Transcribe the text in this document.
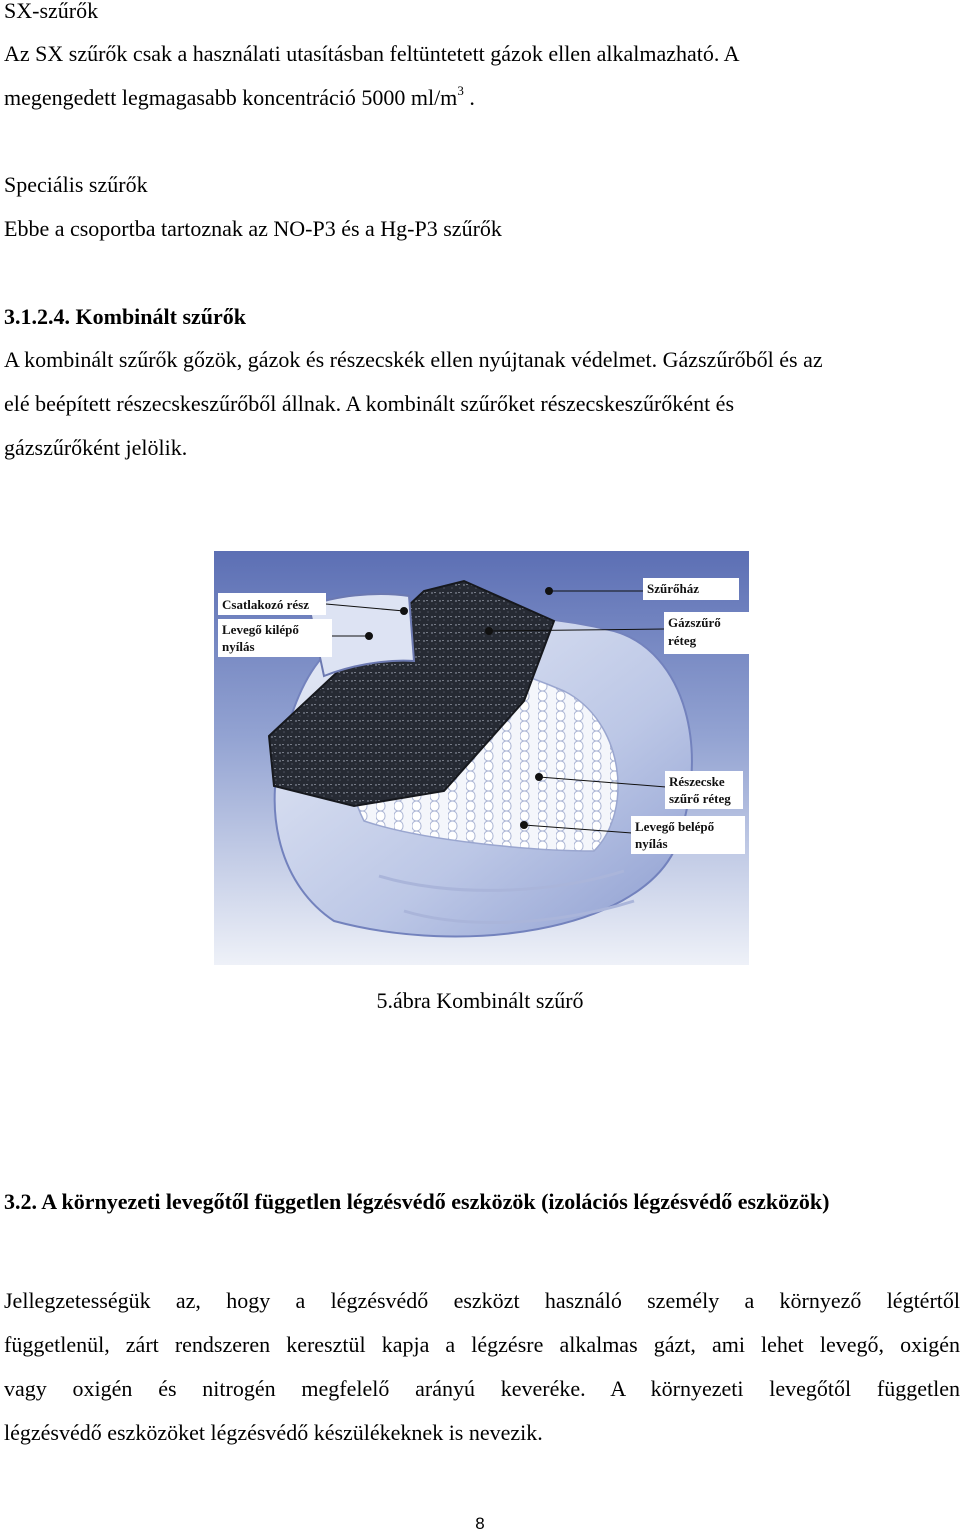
SX-szűrők
Az SX szűrők csak a használati utasításban feltüntetett gázok ellen alkalmazható. A
megengedett legmagasabb koncentráció 5000 $ml/m^3$ .
Speciális szűrők
Ebbe a csoportba tartoznak az NO-P3 és a Hg-P3 szűrők
3.1.2.4. Kombinált szűrők
A kombinált szűrők gőzök, gázok és részecskék ellen nyújtanak védelmet. Gázszűrőből és az
elé beépített részecskeszűrőből állnak. A kombinált szűrőket részecskeszűrőként és
gázszűrőként jelölik.
Csatlakozó rész
Levegő kilépő
nyílás
Szűrőház
Gázszűrő
réteg
Részecske
szűrő réteg
Levegő belépő
nyílás
5.ábra Kombinált szűrő
3.2. A környezeti levegőtől független légzésvédő eszközök (izolációs légzésvédő eszközök)
Jellegzetességük az, hogy a légzésvédő eszközt használó személy a környező légtértől
függetlenül, zárt rendszeren keresztül kapja a légzésre alkalmas gázt, ami lehet levegő, oxigén
vagy oxigén és nitrogén megfelelő arányú keveréke. A környezeti levegőtől független
légzésvédő eszközöket légzésvédő készülékeknek is nevezik.
8
